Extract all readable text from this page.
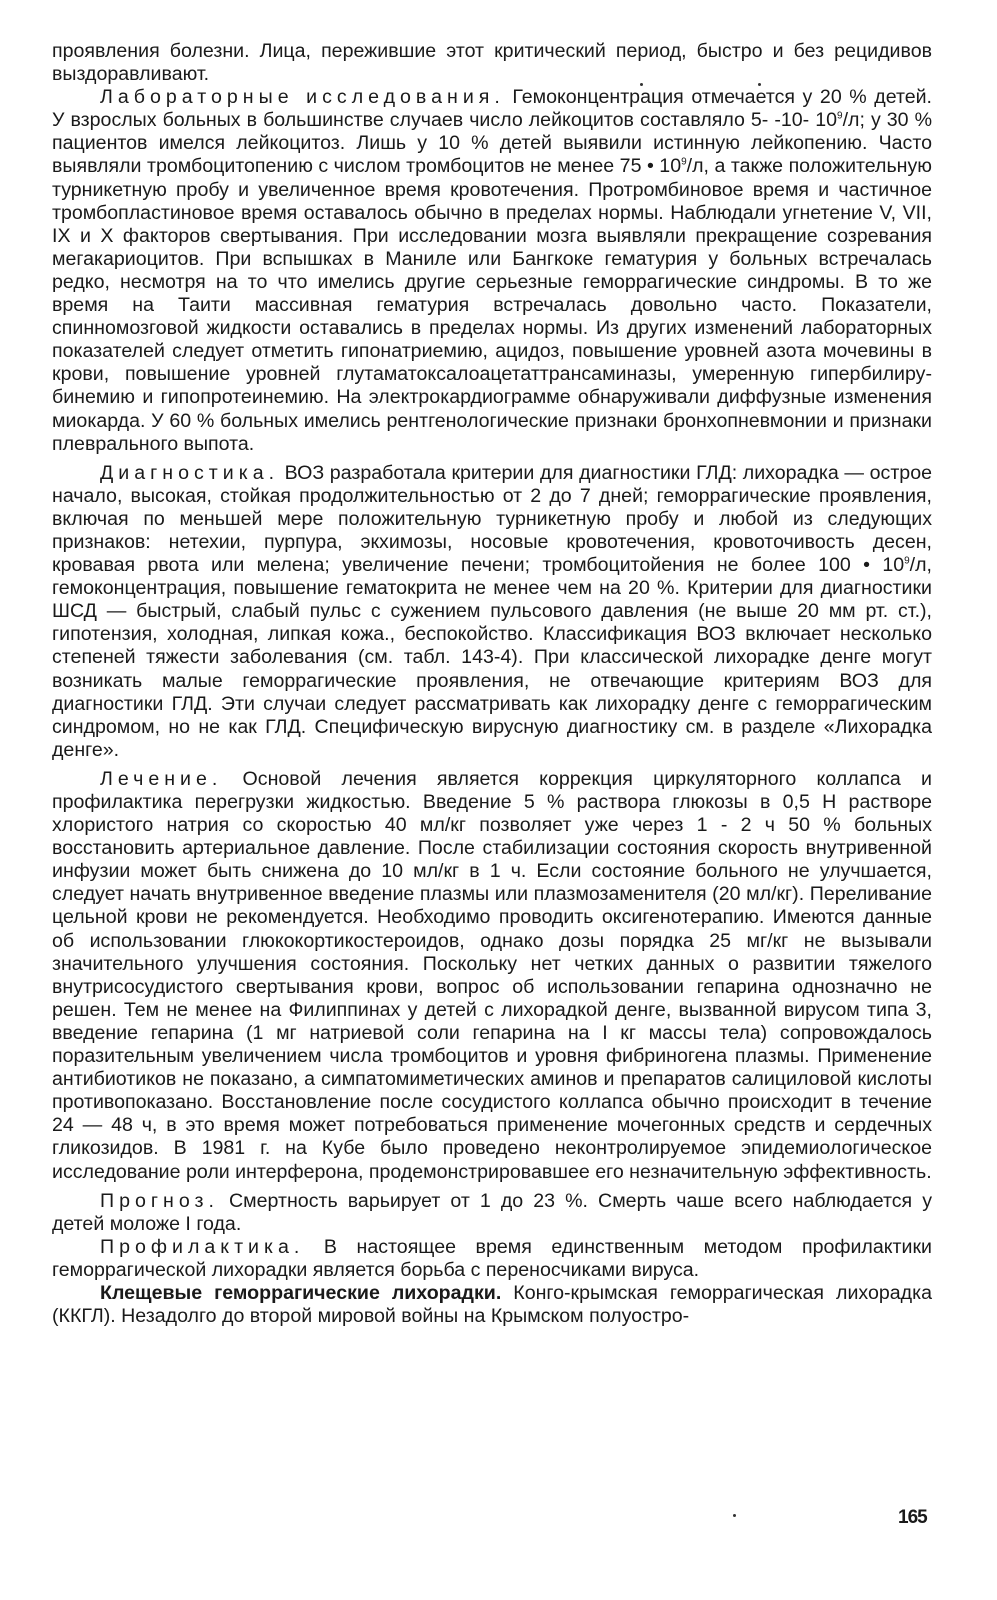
проявления болезни. Лица, пережившие этот критический период, быстро и без рецидивов выздоравливают.

Лабораторные исследования. Гемоконцентрация отмечается у 20 % детей. У взрослых больных в большинстве случаев число лейкоцитов составляло 5- -10- $10^9/л$; у 30 % пациентов имелся лейкоцитоз. Лишь у 10 % детей выявили истинную лейкопению. Часто выявляли тромбоцитопению с числом тромбоцитов не менее 75 • $10^9/л$, а также положительную турникетную пробу и увеличенное время кровотечения. Протромбиновое время и частичное тромбопластиновое время оставалось обычно в пределах нормы. Наблюдали угнетение V, VII, IX и X факторов свертывания. При исследовании мозга выявляли прекращение созревания мегакариоцитов. При вспышках в Маниле или Бангкоке гематурия у больных встречалась редко, несмотря на то что имелись другие серьезные геморрагические синдромы. В то же время на Таити массивная гематурия встречалась довольно часто. Показатели, спинномозговой жидкости оставались в пределах нормы. Из других изменений лабораторных показателей следует отметить гипонатриемию, ацидоз, повышение уровней азота мочевины в крови, повышение уровней глутаматоксалоацетаттрансаминазы, умеренную гипербилирубинемию и гипопротеинемию. На электрокардиограмме обнаруживали диффузные изменения миокарда. У 60 % больных имелись рентгенологические признаки бронхопневмонии и признаки плеврального выпота.

Диагностика. ВОЗ разработала критерии для диагностики ГЛД: лихорадка — острое начало, высокая, стойкая продолжительностью от 2 до 7 дней; геморрагические проявления, включая по меньшей мере положительную турникетную пробу и любой из следующих признаков: нетехии, пурпура, экхимозы, носовые кровотечения, кровоточивость десен, кровавая рвота или мелена; увеличение печени; тромбоцитойения не более 100 • $10^9/л$, гемоконцентрация, повышение гематокрита не менее чем на 20 %. Критерии для диагностики ШСД — быстрый, слабый пульс с сужением пульсового давления (не выше 20 мм рт. ст.), гипотензия, холодная, липкая кожа., беспокойство. Классификация ВОЗ включает несколько степеней тяжести заболевания (см. табл. 143-4). При классической лихорадке денге могут возникать малые геморрагические проявления, не отвечающие критериям ВОЗ для диагностики ГЛД. Эти случаи следует рассматривать как лихорадку денге с геморрагическим синдромом, но не как ГЛД. Специфическую вирусную диагностику см. в разделе «Лихорадка денге».

Лечение. Основой лечения является коррекция циркуляторного коллапса и профилактика перегрузки жидкостью. Введение 5 % раствора глюкозы в 0,5 Н растворе хлористого натрия со скоростью 40 мл/кг позволяет уже через 1 - 2 ч 50 % больных восстановить артериальное давление. После стабилизации состояния скорость внутривенной инфузии может быть снижена до 10 мл/кг в 1 ч. Если состояние больного не улучшается, следует начать внутривенное введение плазмы или плазмозаменителя (20 мл/кг). Переливание цельной крови не рекомендуется. Необходимо проводить оксигенотерапию. Имеются данные об использовании глюкокортикостероидов, однако дозы порядка 25 мг/кг не вызывали значительного улучшения состояния. Поскольку нет четких данных о развитии тяжелого внутрисосудистого свертывания крови, вопрос об использовании гепарина однозначно не решен. Тем не менее на Филиппинах у детей с лихорадкой денге, вызванной вирусом типа 3, введение гепарина (1 мг натриевой соли гепарина на I кг массы тела) сопровождалось поразительным увеличением числа тромбоцитов и уровня фибриногена плазмы. Применение антибиотиков не показано, а симпатомиметических аминов и препаратов салициловой кислоты противопоказано. Восстановление после сосудистого коллапса обычно происходит в течение 24 — 48 ч, в это время может потребоваться применение мочегонных средств и сердечных гликозидов. В 1981 г. на Кубе было проведено неконтролируемое эпидемиологическое исследование роли интерферона, продемонстрировавшее его незначительную эффективность.

Прогноз. Смертность варьирует от 1 до 23 %. Смерть чаше всего наблюдается у детей моложе I года.

Профилактика. В настоящее время единственным методом профилактики геморрагической лихорадки является борьба с переносчиками вируса.

Клещевые геморрагические лихорадки. Конго-крымская геморрагическая лихорадка (ККГЛ). Незадолго до второй мировой войны на Крымском полуостро-

165
